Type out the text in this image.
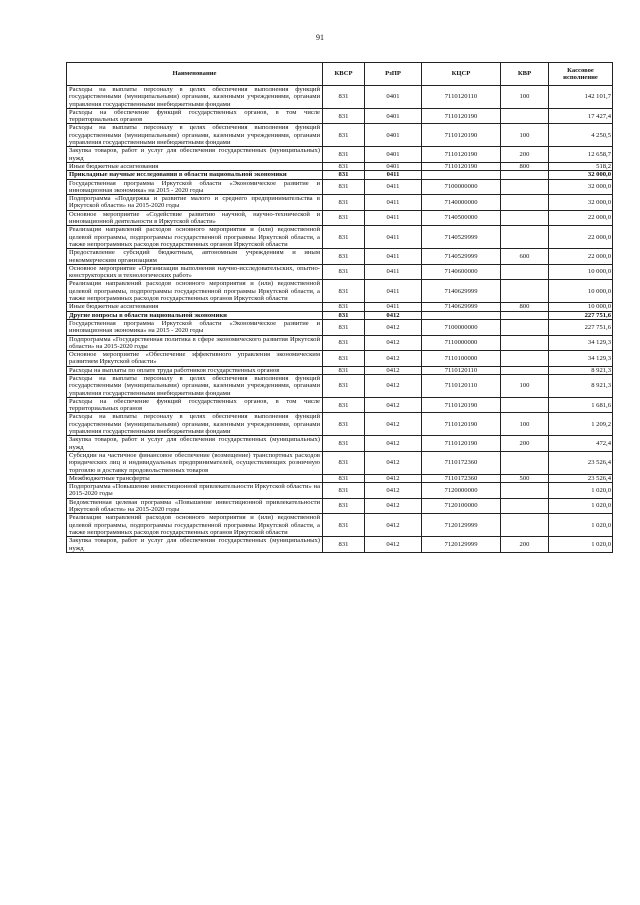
91
Наименование	КВСР	РзПР	КЦСР	КВР	Кассовое исполнение
Расходы на выплаты персоналу в целях обеспечения выполнения функций государственными (муниципальными) органами, казенными учреждениями, органами управления государственными внебюджетными фондами	831	0401	7110120110	100	142 101,7
Расходы на обеспечение функций государственных органов, в том числе территориальных органов	831	0401	7110120190		17 427,4
Расходы на выплаты персоналу в целях обеспечения выполнения функций государственными (муниципальными) органами, казенными учреждениями, органами управления государственными внебюджетными фондами	831	0401	7110120190	100	4 250,5
Закупка товаров, работ и услуг для обеспечения государственных (муниципальных) нужд	831	0401	7110120190	200	12 658,7
Иные бюджетные ассигнования	831	0401	7110120190	800	518,2
Прикладные научные исследования в области национальной экономики	831	0411			32 000,0
Государственная программа Иркутской области «Экономическое развитие и инновационная экономика» на 2015 - 2020 годы	831	0411	7100000000		32 000,0
Подпрограмма «Поддержка и развитие малого и среднего предпринимательства в Иркутской области» на 2015-2020 годы	831	0411	7140000000		32 000,0
Основное мероприятие «Содействие развитию научной, научно-технической и инновационной деятельности в Иркутской области»	831	0411	7140500000		22 000,0
Реализация направлений расходов основного мероприятия и (или) ведомственной целевой программы, подпрограммы государственной программы Иркутской области, а также непрограммных расходов государственных органов Иркутской области	831	0411	7140529999		22 000,0
Предоставление субсидий бюджетным, автономным учреждениям и иным некоммерческим организациям	831	0411	7140529999	600	22 000,0
Основное мероприятие «Организация выполнения научно-исследовательских, опытно-конструкторских и технологических работ»	831	0411	7140600000		10 000,0
Реализация направлений расходов основного мероприятия и (или) ведомственной целевой программы, подпрограммы государственной программы Иркутской области, а также непрограммных расходов государственных органов Иркутской области	831	0411	7140629999		10 000,0
Иные бюджетные ассигнования	831	0411	7140629999	800	10 000,0
Другие вопросы в области национальной экономики	831	0412			227 751,6
Государственная программа Иркутской области «Экономическое развитие и инновационная экономика» на 2015 - 2020 годы	831	0412	7100000000		227 751,6
Подпрограмма «Государственная политика в сфере экономического развития Иркутской области» на 2015-2020 годы	831	0412	7110000000		34 129,3
Основное мероприятие «Обеспечение эффективного управления экономическим развитием Иркутской области»	831	0412	7110100000		34 129,3
Расходы на выплаты по оплате труда работников государственных органов	831	0412	7110120110		8 921,3
Расходы на выплаты персоналу в целях обеспечения выполнения функций государственными (муниципальными) органами, казенными учреждениями, органами управления государственными внебюджетными фондами	831	0412	7110120110	100	8 921,3
Расходы на обеспечение функций государственных органов, в том числе территориальных органов	831	0412	7110120190		1 681,6
Расходы на выплаты персоналу в целях обеспечения выполнения функций государственными (муниципальными) органами, казенными учреждениями, органами управления государственными внебюджетными фондами	831	0412	7110120190	100	1 209,2
Закупка товаров, работ и услуг для обеспечения государственных (муниципальных) нужд	831	0412	7110120190	200	472,4
Субсидии на частичное финансовое обеспечение (возмещение) транспортных расходов юридических лиц и индивидуальных предпринимателей, осуществляющих розничную торговлю и доставку продовольственных товаров	831	0412	7110172360		23 526,4
Межбюджетные трансферты	831	0412	7110172360	500	23 526,4
Подпрограмма «Повышение инвестиционной привлекательности Иркутской области» на 2015-2020 годы	831	0412	7120000000		1 020,0
Ведомственная целевая программа «Повышение инвестиционной привлекательности Иркутской области» на 2015-2020 годы	831	0412	7120100000		1 020,0
Реализация направлений расходов основного мероприятия и (или) ведомственной целевой программы, подпрограммы государственной программы Иркутской области, а также непрограммных расходов государственных органов Иркутской области	831	0412	7120129999		1 020,0
Закупка товаров, работ и услуг для обеспечения государственных (муниципальных) нужд	831	0412	7120129999	200	1 020,0
